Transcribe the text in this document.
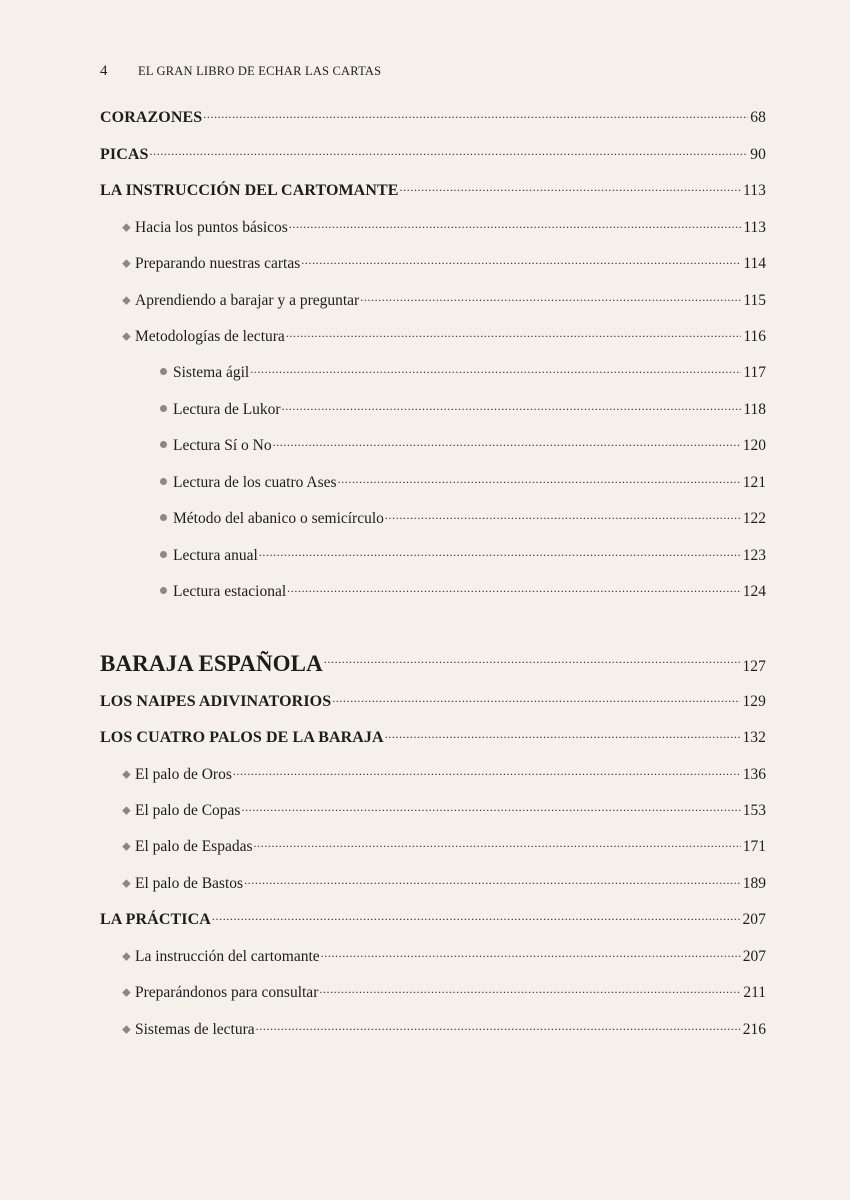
4	EL GRAN LIBRO DE ECHAR LAS CARTAS
CORAZONES .....	68
PICAS .....	90
LA INSTRUCCIÓN DEL CARTOMANTE .....	113
Hacia los puntos básicos .....	113
Preparando nuestras cartas .....	114
Aprendiendo a barajar y a preguntar .....	115
Metodologías de lectura .....	116
Sistema ágil .....	117
Lectura de Lukor .....	118
Lectura Sí o No .....	120
Lectura de los cuatro Ases .....	121
Método del abanico o semicírculo .....	122
Lectura anual .....	123
Lectura estacional .....	124
BARAJA ESPAÑOLA .....	127
LOS NAIPES ADIVINATORIOS .....	129
LOS CUATRO PALOS DE LA BARAJA .....	132
El palo de Oros .....	136
El palo de Copas .....	153
El palo de Espadas .....	171
El palo de Bastos .....	189
LA PRÁCTICA .....	207
La instrucción del cartomante .....	207
Preparándonos para consultar .....	211
Sistemas de lectura .....	216
